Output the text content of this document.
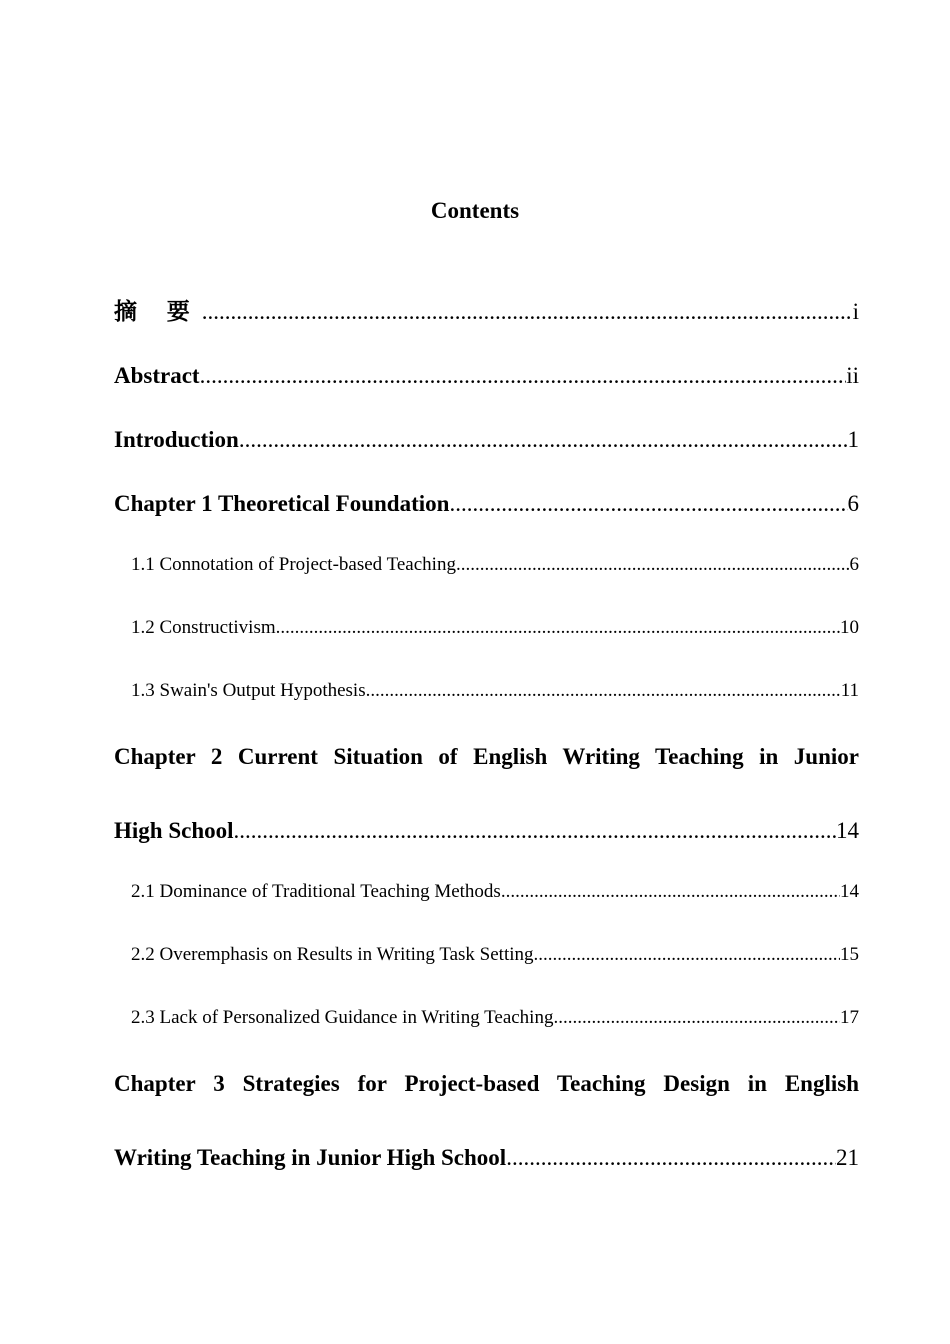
Contents
摘 要 .....	i
Abstract .....	ii
Introduction .....	1
Chapter 1 Theoretical Foundation .....	6
1.1 Connotation of Project-based Teaching .....	6
1.2 Constructivism .....	10
1.3 Swain's Output Hypothesis .....	11
Chapter 2 Current Situation of English Writing Teaching in Junior
High School .....	14
2.1 Dominance of Traditional Teaching Methods .....	14
2.2 Overemphasis on Results in Writing Task Setting .....	15
2.3 Lack of Personalized Guidance in Writing Teaching .....	17
Chapter 3 Strategies for Project-based Teaching Design in English
Writing Teaching in Junior High School .....	21
